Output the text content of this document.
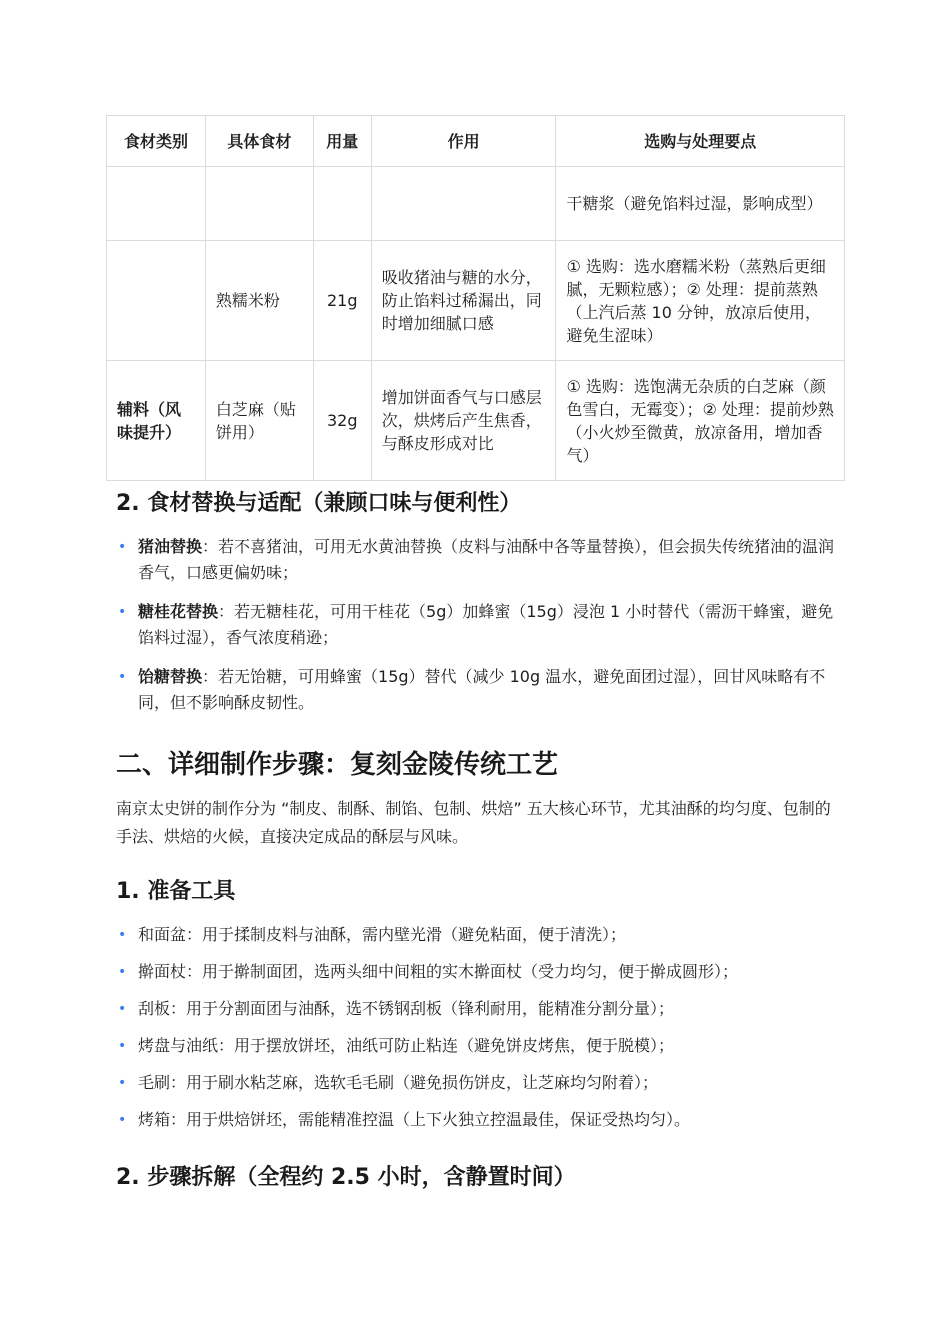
食材类别	具体食材	用量	作用	选购与处理要点
				干糖浆（避免馅料过湿，影响成型）
	熟糯米粉	21g	吸收猪油与糖的水分，防止馅料过稀漏出，同时增加细腻口感	① 选购：选水磨糯米粉（蒸熟后更细腻，无颗粒感）；② 处理：提前蒸熟（上汽后蒸 10 分钟，放凉后使用，避免生涩味）
辅料（风味提升）	白芝麻（贴饼用）	32g	增加饼面香气与口感层次，烘烤后产生焦香，与酥皮形成对比	① 选购：选饱满无杂质的白芝麻（颜色雪白，无霉变）；② 处理：提前炒熟（小火炒至微黄，放凉备用，增加香气）
2. 食材替换与适配（兼顾口味与便利性）
• 猪油替换：若不喜猪油，可用无水黄油替换（皮料与油酥中各等量替换），但会损失传统猪油的温润香气，口感更偏奶味；
• 糖桂花替换：若无糖桂花，可用干桂花（5g）加蜂蜜（15g）浸泡 1 小时替代（需沥干蜂蜜，避免馅料过湿），香气浓度稍逊；
• 饴糖替换：若无饴糖，可用蜂蜜（15g）替代（减少 10g 温水，避免面团过湿），回甘风味略有不同，但不影响酥皮韧性。
二、详细制作步骤：复刻金陵传统工艺

南京太史饼的制作分为 “制皮、制酥、制馅、包制、烘焙” 五大核心环节，尤其油酥的均匀度、包制的手法、烘焙的火候，直接决定成品的酥层与风味。

1. 准备工具
• 和面盆：用于揉制皮料与油酥，需内壁光滑（避免粘面，便于清洗）；
• 擀面杖：用于擀制面团，选两头细中间粗的实木擀面杖（受力均匀，便于擀成圆形）；
• 刮板：用于分割面团与油酥，选不锈钢刮板（锋利耐用，能精准分割分量）；
• 烤盘与油纸：用于摆放饼坯，油纸可防止粘连（避免饼皮烤焦，便于脱模）；
• 毛刷：用于刷水粘芝麻，选软毛毛刷（避免损伤饼皮，让芝麻均匀附着）；
• 烤箱：用于烘焙饼坯，需能精准控温（上下火独立控温最佳，保证受热均匀）。
2. 步骤拆解（全程约 2.5 小时，含静置时间）
